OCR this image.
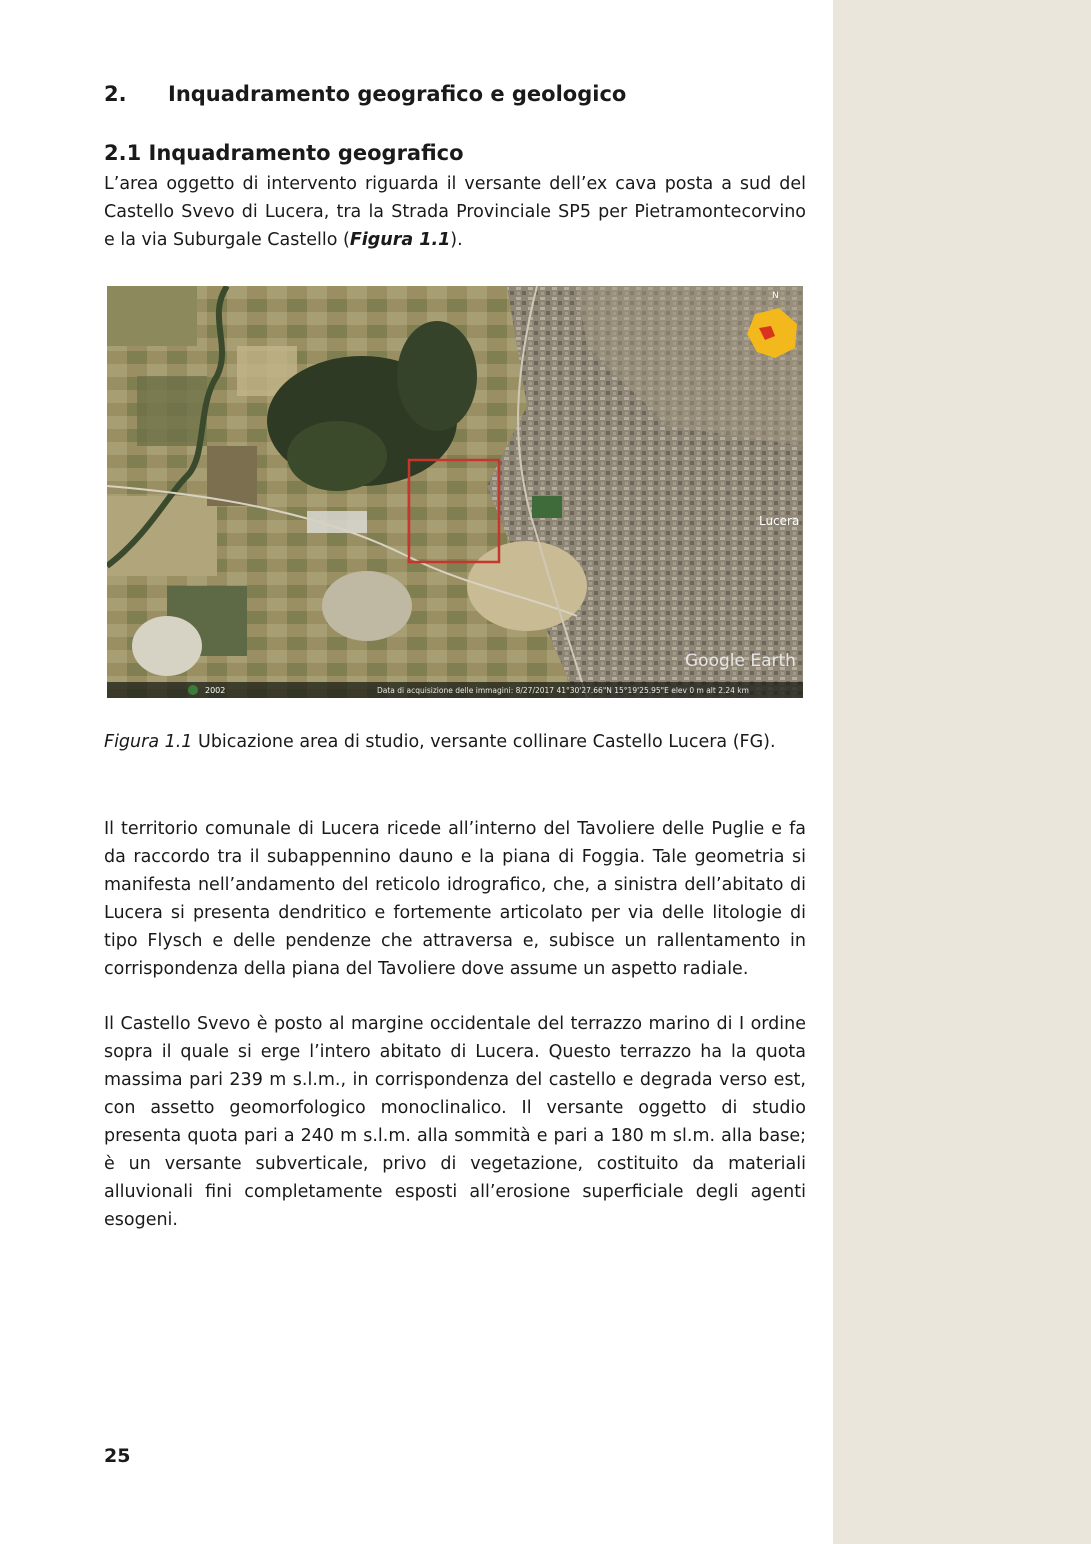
2. Inquadramento geografico e geologico
2.1 Inquadramento geografico

L’area oggetto di intervento riguarda il versante dell’ex cava posta a sud del Castello Svevo di Lucera, tra la Strada Provinciale SP5 per Pietramontecorvino e la via Suburgale Castello (Figura 1.1).

N
Lucera
Google Earth
2002	Data di acquisizione delle immagini: 8/27/2017 41°30'27.66"N 15°19'25.95"E elev 0 m alt 2.24 km

Figura 1.1 Ubicazione area di studio, versante collinare Castello Lucera (FG).

Il territorio comunale di Lucera ricede all’interno del Tavoliere delle Puglie e fa da raccordo tra il subappennino dauno e la piana di Foggia. Tale geometria si manifesta nell’andamento del reticolo idrografico, che, a sinistra dell’abitato di Lucera si presenta dendritico e fortemente articolato per via delle litologie di tipo Flysch e delle pendenze che attraversa e, subisce un rallentamento in corrispondenza della piana del Tavoliere dove assume un aspetto radiale.

Il Castello Svevo è posto al margine occidentale del terrazzo marino di I ordine sopra il quale si erge l’intero abitato di Lucera. Questo terrazzo ha la quota massima pari 239 m s.l.m., in corrispondenza del castello e degrada verso est, con assetto geomorfologico monoclinalico. Il versante oggetto di studio presenta quota pari a 240 m s.l.m. alla sommità e pari a 180 m sl.m. alla base; è un versante subverticale, privo di vegetazione, costituito da materiali alluvionali fini completamente esposti all’erosione superficiale degli agenti esogeni.

25
